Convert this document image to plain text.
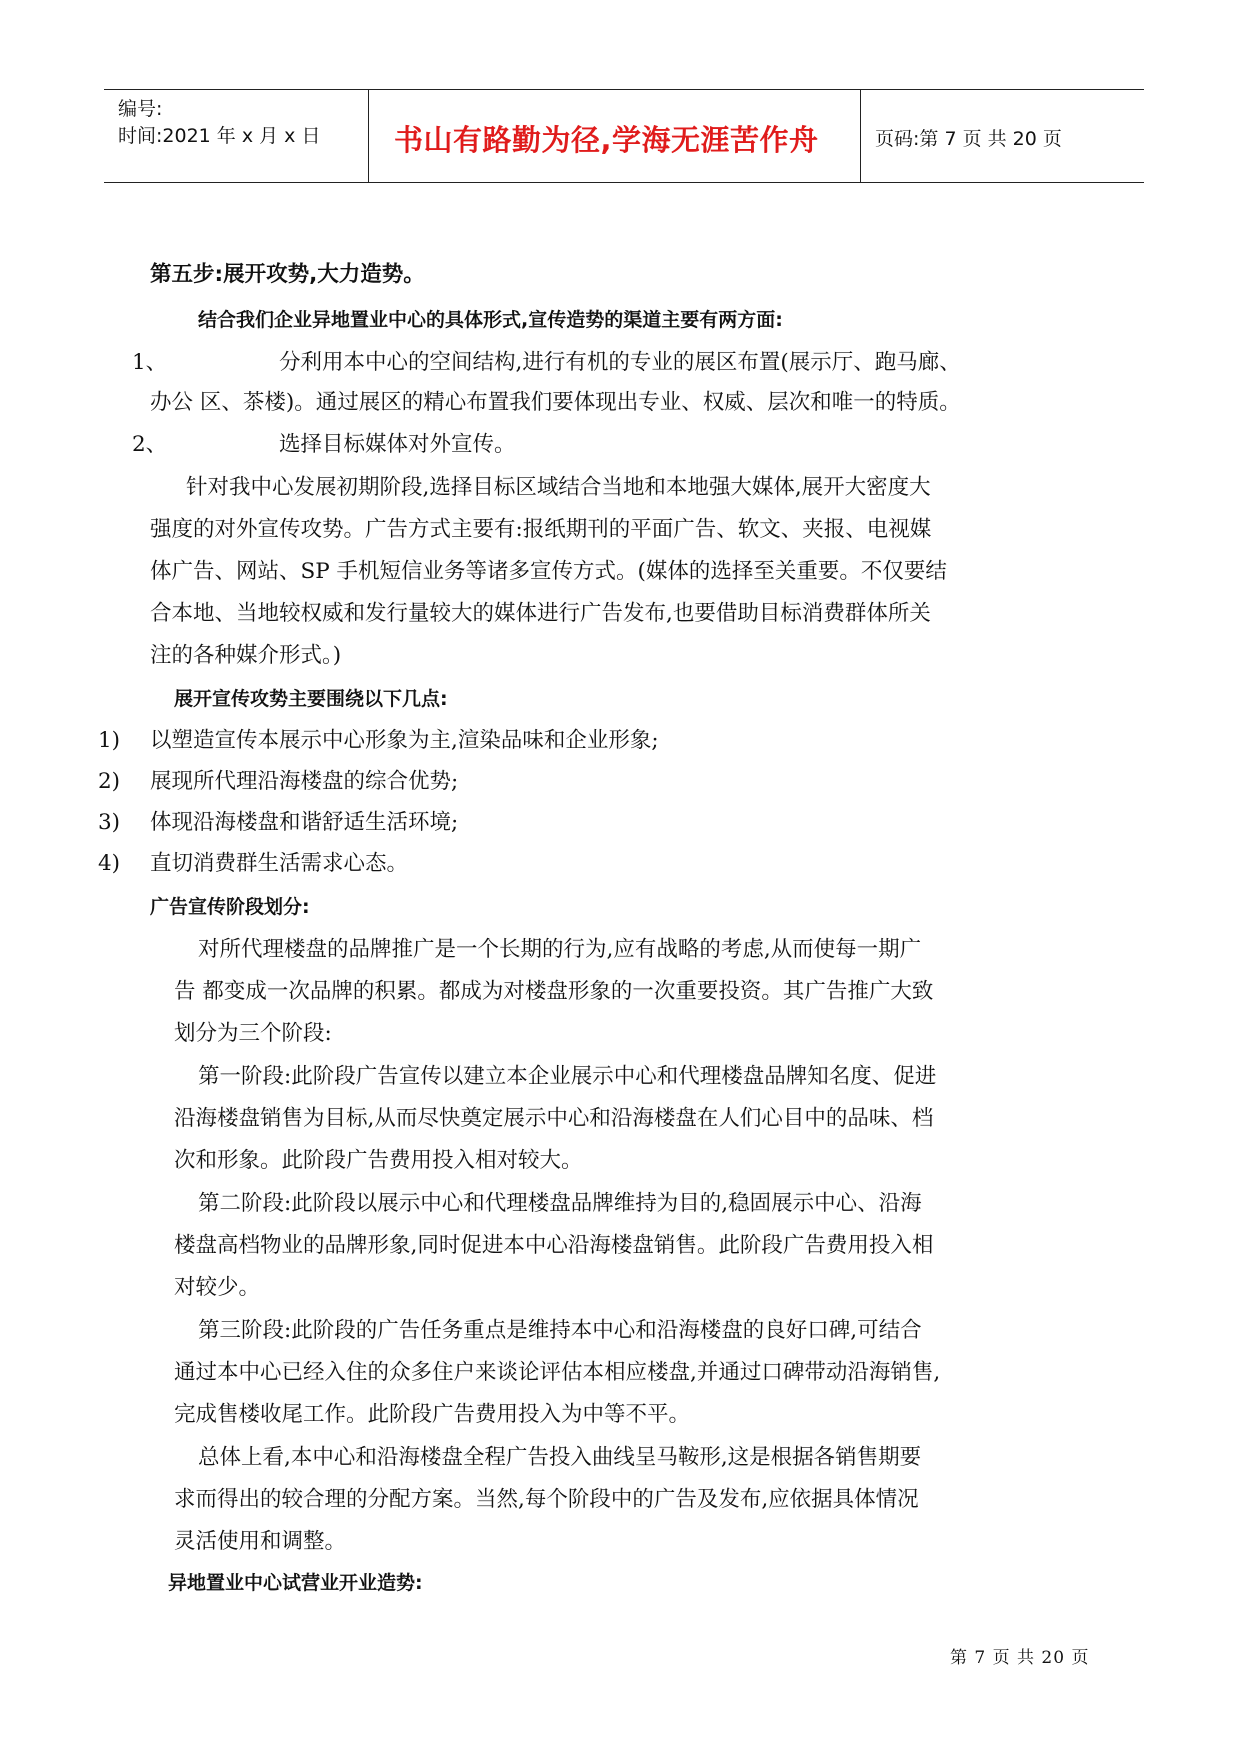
编号:
时间:2021 年 x 月 x 日	书山有路勤为径,学海无涯苦作舟	页码:第 7 页 共 20 页
第五步:展开攻势,大力造势。
结合我们企业异地置业中心的具体形式,宣传造势的渠道主要有两方面:
1、	分利用本中心的空间结构,进行有机的专业的展区布置(展示厅、跑马廊、
办公 区、茶楼)。通过展区的精心布置我们要体现出专业、权威、层次和唯一的特质。
2、	选择目标媒体对外宣传。
针对我中心发展初期阶段,选择目标区域结合当地和本地强大媒体,展开大密度大
强度的对外宣传攻势。广告方式主要有:报纸期刊的平面广告、软文、夹报、电视媒
体广告、网站、SP 手机短信业务等诸多宣传方式。(媒体的选择至关重要。不仅要结
合本地、当地较权威和发行量较大的媒体进行广告发布,也要借助目标消费群体所关
注的各种媒介形式。)
展开宣传攻势主要围绕以下几点:
1) 以塑造宣传本展示中心形象为主,渲染品味和企业形象;
2) 展现所代理沿海楼盘的综合优势;
3) 体现沿海楼盘和谐舒适生活环境;
4) 直切消费群生活需求心态。
广告宣传阶段划分:
对所代理楼盘的品牌推广是一个长期的行为,应有战略的考虑,从而使每一期广
告 都变成一次品牌的积累。都成为对楼盘形象的一次重要投资。其广告推广大致
划分为三个阶段:
第一阶段:此阶段广告宣传以建立本企业展示中心和代理楼盘品牌知名度、促进
沿海楼盘销售为目标,从而尽快奠定展示中心和沿海楼盘在人们心目中的品味、档
次和形象。此阶段广告费用投入相对较大。
第二阶段:此阶段以展示中心和代理楼盘品牌维持为目的,稳固展示中心、沿海
楼盘高档物业的品牌形象,同时促进本中心沿海楼盘销售。此阶段广告费用投入相
对较少。
第三阶段:此阶段的广告任务重点是维持本中心和沿海楼盘的良好口碑,可结合
通过本中心已经入住的众多住户来谈论评估本相应楼盘,并通过口碑带动沿海销售,
完成售楼收尾工作。此阶段广告费用投入为中等不平。
总体上看,本中心和沿海楼盘全程广告投入曲线呈马鞍形,这是根据各销售期要
求而得出的较合理的分配方案。当然,每个阶段中的广告及发布,应依据具体情况
灵活使用和调整。
异地置业中心试营业开业造势:
第 7 页 共 20 页
